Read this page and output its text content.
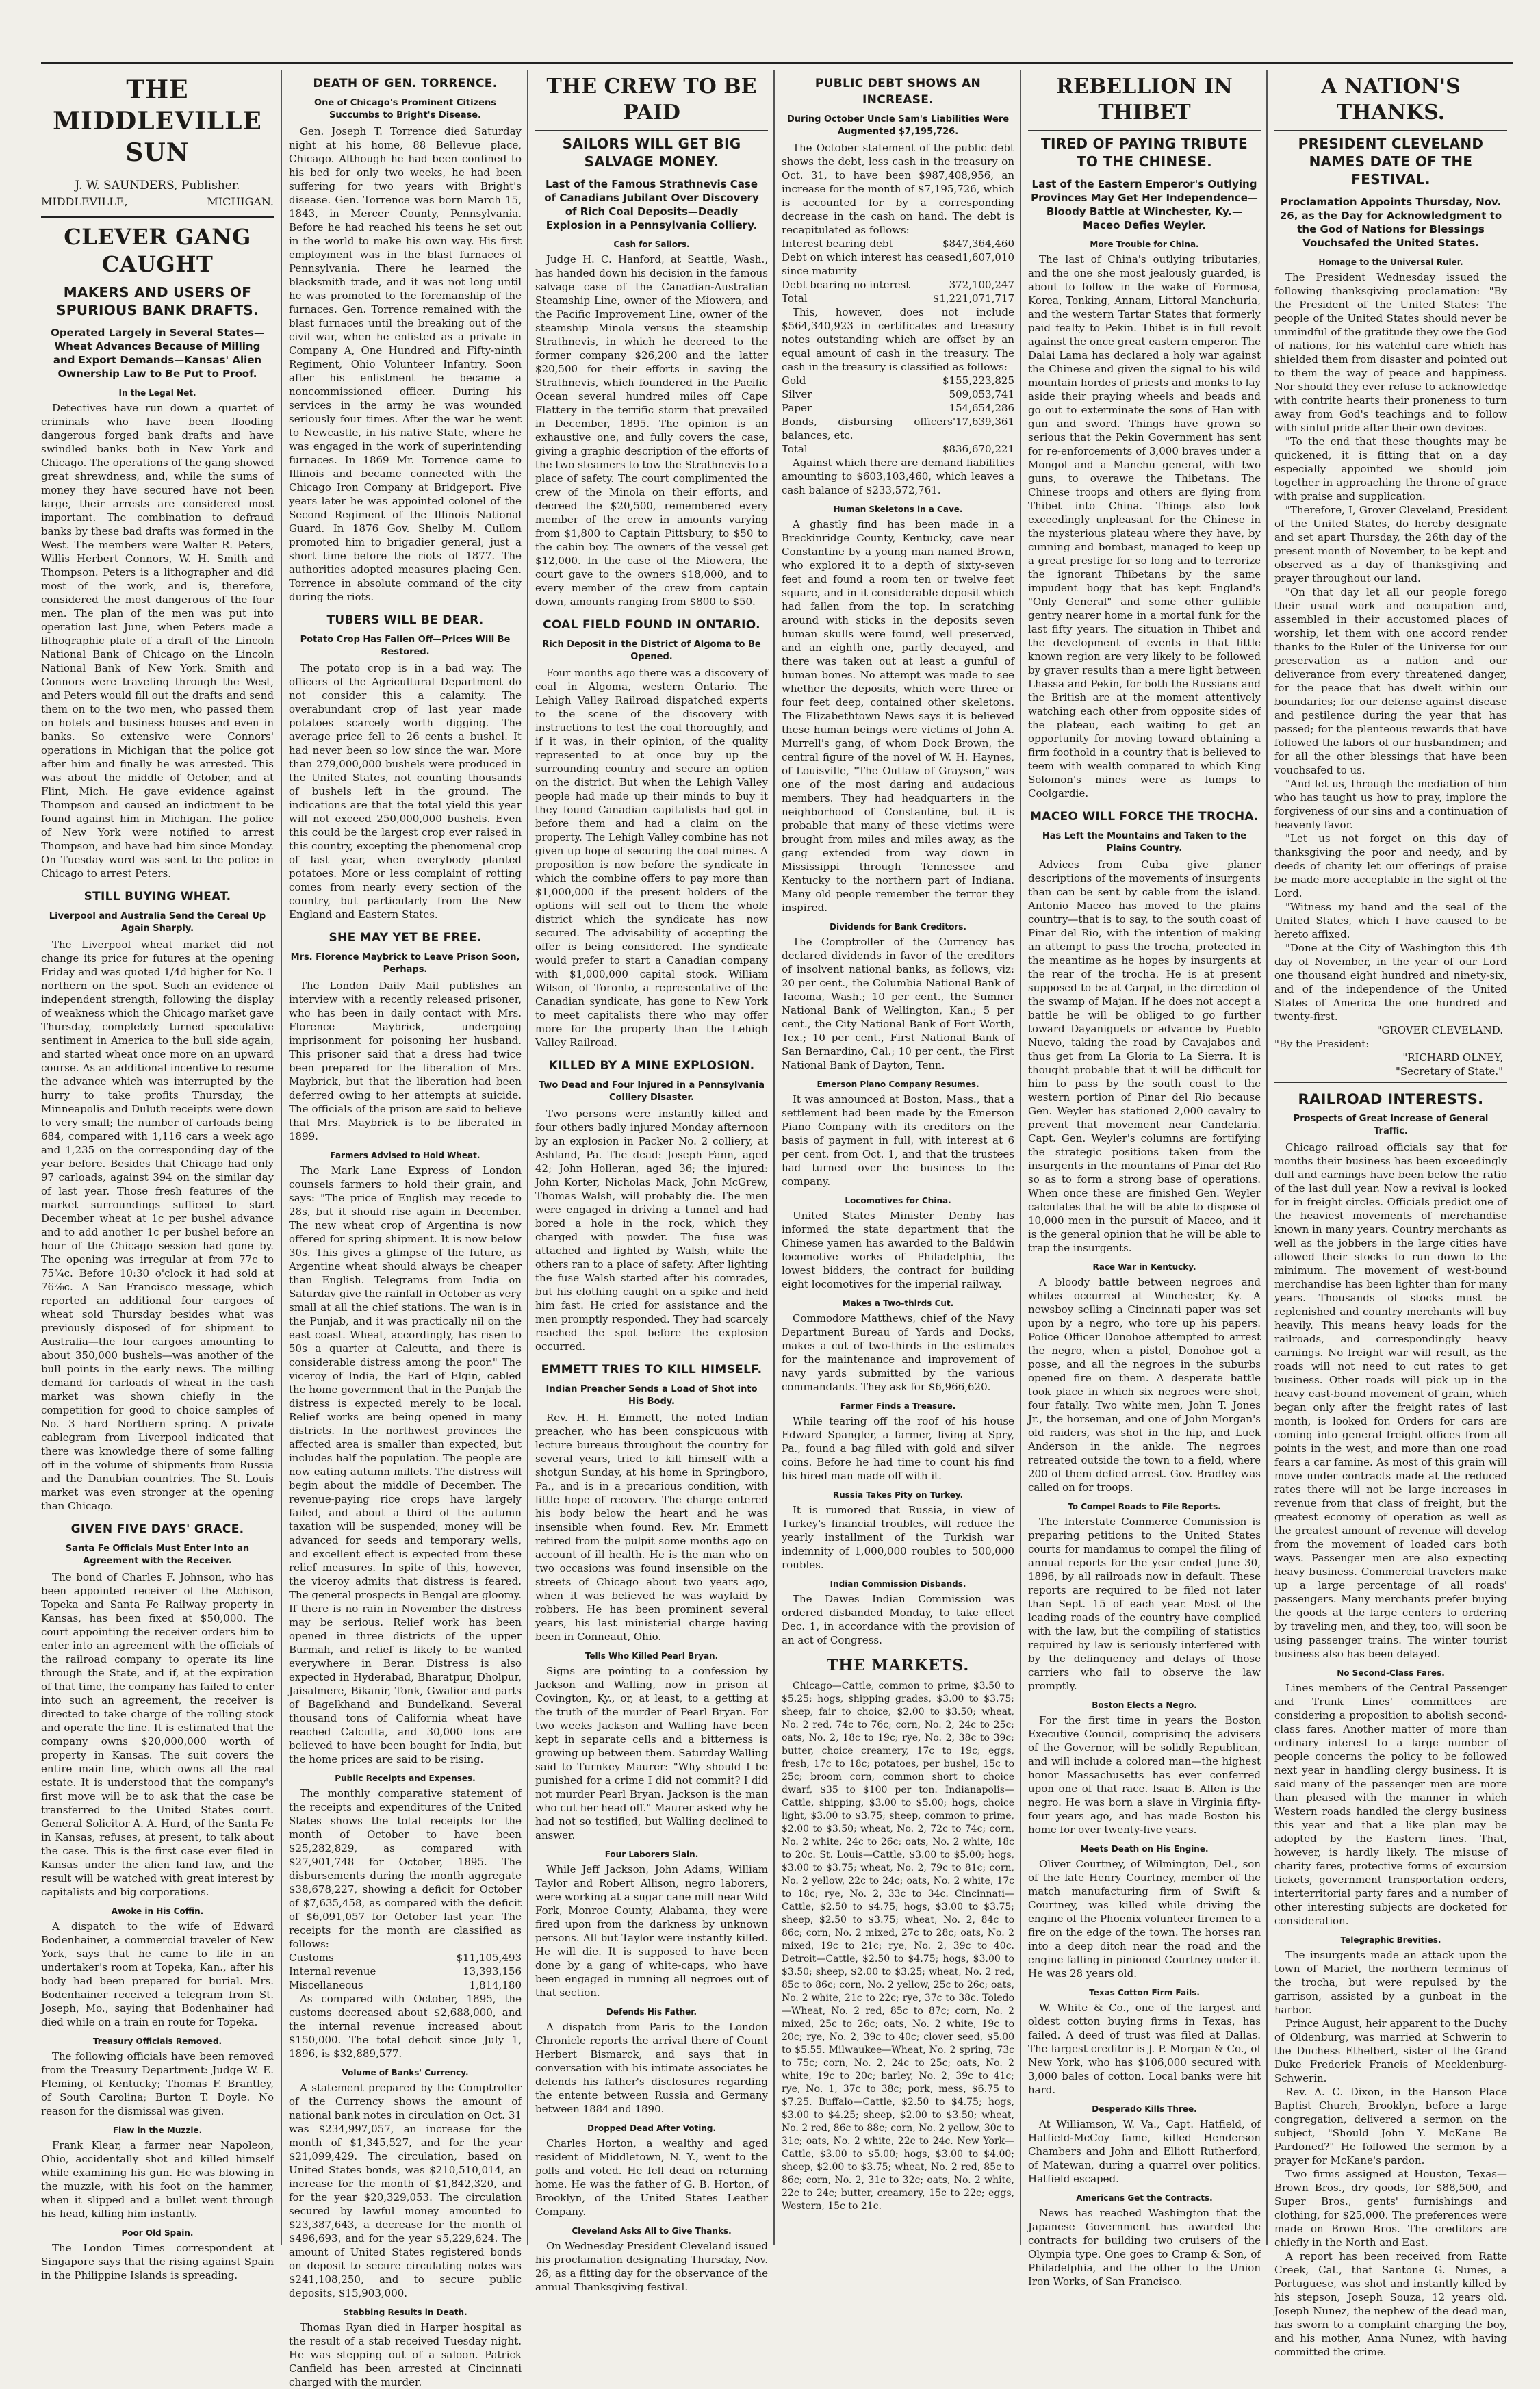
THE MIDDLEVILLE SUN
J. W. SAUNDERS, Publisher.
MIDDLEVILLE,	MICHIGAN.
CLEVER GANG CAUGHT
MAKERS AND USERS OF SPURIOUS BANK DRAFTS.
Operated Largely in Several States—Wheat Advances Because of Milling and Export Demands—Kansas' Alien Ownership Law to Be Put to Proof.
In the Legal Net.

Detectives have run down a quartet of criminals who have been flooding dangerous forged bank drafts and have swindled banks both in New York and Chicago. The operations of the gang showed great shrewdness, and, while the sums of money they have secured have not been large, their arrests are considered most important. The combination to defraud banks by these bad drafts was formed in the West. The members were Walter R. Peters, Willis Herbert Connors, W. H. Smith and Thompson. Peters is a lithographer and did most of the work, and is, therefore, considered the most dangerous of the four men. The plan of the men was put into operation last June, when Peters made a lithographic plate of a draft of the Lincoln National Bank of Chicago on the Lincoln National Bank of New York. Smith and Connors were traveling through the West, and Peters would fill out the drafts and send them on to the two men, who passed them on hotels and business houses and even in banks. So extensive were Connors' operations in Michigan that the police got after him and finally he was arrested. This was about the middle of October, and at Flint, Mich. He gave evidence against Thompson and caused an indictment to be found against him in Michigan. The police of New York were notified to arrest Thompson, and have had him since Monday. On Tuesday word was sent to the police in Chicago to arrest Peters.

STILL BUYING WHEAT.
Liverpool and Australia Send the Cereal Up Again Sharply.

The Liverpool wheat market did not change its price for futures at the opening Friday and was quoted 1/4d higher for No. 1 northern on the spot. Such an evidence of independent strength, following the display of weakness which the Chicago market gave Thursday, completely turned speculative sentiment in America to the bull side again, and started wheat once more on an upward course. As an additional incentive to resume the advance which was interrupted by the hurry to take profits Thursday, the Minneapolis and Duluth receipts were down to very small; the number of carloads being 684, compared with 1,116 cars a week ago and 1,235 on the corresponding day of the year before. Besides that Chicago had only 97 carloads, against 394 on the similar day of last year. Those fresh features of the market surroundings sufficed to start December wheat at 1c per bushel advance and to add another 1c per bushel before an hour of the Chicago session had gone by. The opening was irregular at from 77c to 75¾c. Before 10:30 o'clock it had sold at 76⅞c. A San Francisco message, which reported an additional four cargoes of wheat sold Thursday besides what was previously disposed of for shipment to Australia—the four cargoes amounting to about 350,000 bushels—was another of the bull points in the early news. The milling demand for carloads of wheat in the cash market was shown chiefly in the competition for good to choice samples of No. 3 hard Northern spring. A private cablegram from Liverpool indicated that there was knowledge there of some falling off in the volume of shipments from Russia and the Danubian countries. The St. Louis market was even stronger at the opening than Chicago.

GIVEN FIVE DAYS' GRACE.
Santa Fe Officials Must Enter Into an Agreement with the Receiver.

The bond of Charles F. Johnson, who has been appointed receiver of the Atchison, Topeka and Santa Fe Railway property in Kansas, has been fixed at $50,000. The court appointing the receiver orders him to enter into an agreement with the officials of the railroad company to operate its line through the State, and if, at the expiration of that time, the company has failed to enter into such an agreement, the receiver is directed to take charge of the rolling stock and operate the line. It is estimated that the company owns $20,000,000 worth of property in Kansas. The suit covers the entire main line, which owns all the real estate. It is understood that the company's first move will be to ask that the case be transferred to the United States court. General Solicitor A. A. Hurd, of the Santa Fe in Kansas, refuses, at present, to talk about the case. This is the first case ever filed in Kansas under the alien land law, and the result will be watched with great interest by capitalists and big corporations.

Awoke in His Coffin.

A dispatch to the wife of Edward Bodenhainer, a commercial traveler of New York, says that he came to life in an undertaker's room at Topeka, Kan., after his body had been prepared for burial. Mrs. Bodenhainer received a telegram from St. Joseph, Mo., saying that Bodenhainer had died while on a train en route for Topeka.

Treasury Officials Removed.

The following officials have been removed from the Treasury Department: Judge W. E. Fleming, of Kentucky; Thomas F. Brantley, of South Carolina; Burton T. Doyle. No reason for the dismissal was given.

Flaw in the Muzzle.

Frank Klear, a farmer near Napoleon, Ohio, accidentally shot and killed himself while examining his gun. He was blowing in the muzzle, with his foot on the hammer, when it slipped and a bullet went through his head, killing him instantly.

Poor Old Spain.

The London Times correspondent at Singapore says that the rising against Spain in the Philippine Islands is spreading.

DEATH OF GEN. TORRENCE.
One of Chicago's Prominent Citizens Succumbs to Bright's Disease.

Gen. Joseph T. Torrence died Saturday night at his home, 88 Bellevue place, Chicago. Although he had been confined to his bed for only two weeks, he had been suffering for two years with Bright's disease. Gen. Torrence was born March 15, 1843, in Mercer County, Pennsylvania. Before he had reached his teens he set out in the world to make his own way. His first employment was in the blast furnaces of Pennsylvania. There he learned the blacksmith trade, and it was not long until he was promoted to the foremanship of the furnaces. Gen. Torrence remained with the blast furnaces until the breaking out of the civil war, when he enlisted as a private in Company A, One Hundred and Fifty-ninth Regiment, Ohio Volunteer Infantry. Soon after his enlistment he became a noncommissioned officer. During his services in the army he was wounded seriously four times. After the war he went to Newcastle, in his native State, where he was engaged in the work of superintending furnaces. In 1869 Mr. Torrence came to Illinois and became connected with the Chicago Iron Company at Bridgeport. Five years later he was appointed colonel of the Second Regiment of the Illinois National Guard. In 1876 Gov. Shelby M. Cullom promoted him to brigadier general, just a short time before the riots of 1877. The authorities adopted measures placing Gen. Torrence in absolute command of the city during the riots.

TUBERS WILL BE DEAR.
Potato Crop Has Fallen Off—Prices Will Be Restored.

The potato crop is in a bad way. The officers of the Agricultural Department do not consider this a calamity. The overabundant crop of last year made potatoes scarcely worth digging. The average price fell to 26 cents a bushel. It had never been so low since the war. More than 279,000,000 bushels were produced in the United States, not counting thousands of bushels left in the ground. The indications are that the total yield this year will not exceed 250,000,000 bushels. Even this could be the largest crop ever raised in this country, excepting the phenomenal crop of last year, when everybody planted potatoes. More or less complaint of rotting comes from nearly every section of the country, but particularly from the New England and Eastern States.

SHE MAY YET BE FREE.
Mrs. Florence Maybrick to Leave Prison Soon, Perhaps.

The London Daily Mail publishes an interview with a recently released prisoner, who has been in daily contact with Mrs. Florence Maybrick, undergoing imprisonment for poisoning her husband. This prisoner said that a dress had twice been prepared for the liberation of Mrs. Maybrick, but that the liberation had been deferred owing to her attempts at suicide. The officials of the prison are said to believe that Mrs. Maybrick is to be liberated in 1899.

Farmers Advised to Hold Wheat.

The Mark Lane Express of London counsels farmers to hold their grain, and says: "The price of English may recede to 28s, but it should rise again in December. The new wheat crop of Argentina is now offered for spring shipment. It is now below 30s. This gives a glimpse of the future, as Argentine wheat should always be cheaper than English. Telegrams from India on Saturday give the rainfall in October as very small at all the chief stations. The wan is in the Punjab, and it was practically nil on the east coast. Wheat, accordingly, has risen to 50s a quarter at Calcutta, and there is considerable distress among the poor." The viceroy of India, the Earl of Elgin, cabled the home government that in the Punjab the distress is expected merely to be local. Relief works are being opened in many districts. In the northwest provinces the affected area is smaller than expected, but includes half the population. The people are now eating autumn millets. The distress will begin about the middle of December. The revenue-paying rice crops have largely failed, and about a third of the autumn taxation will be suspended; money will be advanced for seeds and temporary wells, and excellent effect is expected from these relief measures. In spite of this, however, the viceroy admits that distress is feared. The general prospects in Bengal are gloomy. If there is no rain in November the distress may be serious. Relief work has been opened in three districts of the upper Burmah, and relief is likely to be wanted everywhere in Berar. Distress is also expected in Hyderabad, Bharatpur, Dholpur, Jaisalmere, Bikanir, Tonk, Gwalior and parts of Bagelkhand and Bundelkand. Several thousand tons of California wheat have reached Calcutta, and 30,000 tons are believed to have been bought for India, but the home prices are said to be rising.

Public Receipts and Expenses.

The monthly comparative statement of the receipts and expenditures of the United States shows the total receipts for the month of October to have been $25,282,829, as compared with $27,901,748 for October, 1895. The disbursements during the month aggregate $38,678,227, showing a deficit for October of $7,635,458, as compared with the deficit of $6,091,057 for October last year. The receipts for the month are classified as follows:

Customs	$11,105,493
Internal revenue	13,393,156
Miscellaneous	1,814,180

As compared with October, 1895, the customs decreased about $2,688,000, and the internal revenue increased about $150,000. The total deficit since July 1, 1896, is $32,889,577.

Volume of Banks' Currency.

A statement prepared by the Comptroller of the Currency shows the amount of national bank notes in circulation on Oct. 31 was $234,997,057, an increase for the month of $1,345,527, and for the year $21,099,429. The circulation, based on United States bonds, was $210,510,014, an increase for the month of $1,842,320, and for the year $20,329,053. The circulation secured by lawful money amounted to $23,387,643, a decrease for the month of $496,693, and for the year $5,229,624. The amount of United States registered bonds on deposit to secure circulating notes was $241,108,250, and to secure public deposits, $15,903,000.

Stabbing Results in Death.

Thomas Ryan died in Harper hospital as the result of a stab received Tuesday night. He was stepping out of a saloon. Patrick Canfield has been arrested at Cincinnati charged with the murder.

THE CREW TO BE PAID
SAILORS WILL GET BIG SALVAGE MONEY.
Last of the Famous Strathnevis Case of Canadians Jubilant Over Discovery of Rich Coal Deposits—Deadly Explosion in a Pennsylvania Colliery.
Cash for Sailors.

Judge H. C. Hanford, at Seattle, Wash., has handed down his decision in the famous salvage case of the Canadian-Australian Steamship Line, owner of the Miowera, and the Pacific Improvement Line, owner of the steamship Minola versus the steamship Strathnevis, in which he decreed to the former company $26,200 and the latter $20,500 for their efforts in saving the Strathnevis, which foundered in the Pacific Ocean several hundred miles off Cape Flattery in the terrific storm that prevailed in December, 1895. The opinion is an exhaustive one, and fully covers the case, giving a graphic description of the efforts of the two steamers to tow the Strathnevis to a place of safety. The court complimented the crew of the Minola on their efforts, and decreed the $20,500, remembered every member of the crew in amounts varying from $1,800 to Captain Pittsbury, to $50 to the cabin boy. The owners of the vessel get $12,000. In the case of the Miowera, the court gave to the owners $18,000, and to every member of the crew from captain down, amounts ranging from $800 to $50.

COAL FIELD FOUND IN ONTARIO.
Rich Deposit in the District of Algoma to Be Opened.

Four months ago there was a discovery of coal in Algoma, western Ontario. The Lehigh Valley Railroad dispatched experts to the scene of the discovery with instructions to test the coal thoroughly, and if it was, in their opinion, of the quality represented to at once buy up the surrounding country and secure an option on the district. But when the Lehigh Valley people had made up their minds to buy it they found Canadian capitalists had got in before them and had a claim on the property. The Lehigh Valley combine has not given up hope of securing the coal mines. A proposition is now before the syndicate in which the combine offers to pay more than $1,000,000 if the present holders of the options will sell out to them the whole district which the syndicate has now secured. The advisability of accepting the offer is being considered. The syndicate would prefer to start a Canadian company with $1,000,000 capital stock. William Wilson, of Toronto, a representative of the Canadian syndicate, has gone to New York to meet capitalists there who may offer more for the property than the Lehigh Valley Railroad.

KILLED BY A MINE EXPLOSION.
Two Dead and Four Injured in a Pennsylvania Colliery Disaster.

Two persons were instantly killed and four others badly injured Monday afternoon by an explosion in Packer No. 2 colliery, at Ashland, Pa. The dead: Joseph Fann, aged 42; John Holleran, aged 36; the injured: John Korter, Nicholas Mack, John McGrew, Thomas Walsh, will probably die. The men were engaged in driving a tunnel and had bored a hole in the rock, which they charged with powder. The fuse was attached and lighted by Walsh, while the others ran to a place of safety. After lighting the fuse Walsh started after his comrades, but his clothing caught on a spike and held him fast. He cried for assistance and the men promptly responded. They had scarcely reached the spot before the explosion occurred.

EMMETT TRIES TO KILL HIMSELF.
Indian Preacher Sends a Load of Shot into His Body.

Rev. H. H. Emmett, the noted Indian preacher, who has been conspicuous with lecture bureaus throughout the country for several years, tried to kill himself with a shotgun Sunday, at his home in Springboro, Pa., and is in a precarious condition, with little hope of recovery. The charge entered his body below the heart and he was insensible when found. Rev. Mr. Emmett retired from the pulpit some months ago on account of ill health. He is the man who on two occasions was found insensible on the streets of Chicago about two years ago, when it was believed he was waylaid by robbers. He has been prominent several years, his last ministerial charge having been in Conneaut, Ohio.

Tells Who Killed Pearl Bryan.

Signs are pointing to a confession by Jackson and Walling, now in prison at Covington, Ky., or, at least, to a getting at the truth of the murder of Pearl Bryan. For two weeks Jackson and Walling have been kept in separate cells and a bitterness is growing up between them. Saturday Walling said to Turnkey Maurer: "Why should I be punished for a crime I did not commit? I did not murder Pearl Bryan. Jackson is the man who cut her head off." Maurer asked why he had not so testified, but Walling declined to answer.

Four Laborers Slain.

While Jeff Jackson, John Adams, William Taylor and Robert Allison, negro laborers, were working at a sugar cane mill near Wild Fork, Monroe County, Alabama, they were fired upon from the darkness by unknown persons. All but Taylor were instantly killed. He will die. It is supposed to have been done by a gang of white-caps, who have been engaged in running all negroes out of that section.

Defends His Father.

A dispatch from Paris to the London Chronicle reports the arrival there of Count Herbert Bismarck, and says that in conversation with his intimate associates he defends his father's disclosures regarding the entente between Russia and Germany between 1884 and 1890.

Dropped Dead After Voting.

Charles Horton, a wealthy and aged resident of Middletown, N. Y., went to the polls and voted. He fell dead on returning home. He was the father of G. B. Horton, of Brooklyn, of the United States Leather Company.

Cleveland Asks All to Give Thanks.

On Wednesday President Cleveland issued his proclamation designating Thursday, Nov. 26, as a fitting day for the observance of the annual Thanksgiving festival.

PUBLIC DEBT SHOWS AN INCREASE.
During October Uncle Sam's Liabilities Were Augmented $7,195,726.

The October statement of the public debt shows the debt, less cash in the treasury on Oct. 31, to have been $987,408,956, an increase for the month of $7,195,726, which is accounted for by a corresponding decrease in the cash on hand. The debt is recapitulated as follows:

Interest bearing debt	$847,364,460
Debt on which interest has ceased since maturity
1,607,010
Debt bearing no interest	372,100,247
Total	$1,221,071,717

This, however, does not include $564,340,923 in certificates and treasury notes outstanding which are offset by an equal amount of cash in the treasury. The cash in the treasury is classified as follows:

Gold	$155,223,825
Silver	509,053,741
Paper	154,654,286
Bonds, disbursing officers' balances, etc.
17,639,361
Total	$836,670,221

Against which there are demand liabilities amounting to $603,103,460, which leaves a cash balance of $233,572,761.

Human Skeletons in a Cave.

A ghastly find has been made in a Breckinridge County, Kentucky, cave near Constantine by a young man named Brown, who explored it to a depth of sixty-seven feet and found a room ten or twelve feet square, and in it considerable deposit which had fallen from the top. In scratching around with sticks in the deposits seven human skulls were found, well preserved, and an eighth one, partly decayed, and there was taken out at least a gunful of human bones. No attempt was made to see whether the deposits, which were three or four feet deep, contained other skeletons. The Elizabethtown News says it is believed these human beings were victims of John A. Murrell's gang, of whom Dock Brown, the central figure of the novel of W. H. Haynes, of Louisville, "The Outlaw of Grayson," was one of the most daring and audacious members. They had headquarters in the neighborhood of Constantine, but it is probable that many of these victims were brought from miles and miles away, as the gang extended from way down in Mississippi through Tennessee and Kentucky to the northern part of Indiana. Many old people remember the terror they inspired.

Dividends for Bank Creditors.

The Comptroller of the Currency has declared dividends in favor of the creditors of insolvent national banks, as follows, viz: 20 per cent., the Columbia National Bank of Tacoma, Wash.; 10 per cent., the Sumner National Bank of Wellington, Kan.; 5 per cent., the City National Bank of Fort Worth, Tex.; 10 per cent., First National Bank of San Bernardino, Cal.; 10 per cent., the First National Bank of Dayton, Tenn.

Emerson Piano Company Resumes.

It was announced at Boston, Mass., that a settlement had been made by the Emerson Piano Company with its creditors on the basis of payment in full, with interest at 6 per cent. from Oct. 1, and that the trustees had turned over the business to the company.

Locomotives for China.

United States Minister Denby has informed the state department that the Chinese yamen has awarded to the Baldwin locomotive works of Philadelphia, the lowest bidders, the contract for building eight locomotives for the imperial railway.

Makes a Two-thirds Cut.

Commodore Matthews, chief of the Navy Department Bureau of Yards and Docks, makes a cut of two-thirds in the estimates for the maintenance and improvement of navy yards submitted by the various commandants. They ask for $6,966,620.

Farmer Finds a Treasure.

While tearing off the roof of his house Edward Spangler, a farmer, living at Spry, Pa., found a bag filled with gold and silver coins. Before he had time to count his find his hired man made off with it.

Russia Takes Pity on Turkey.

It is rumored that Russia, in view of Turkey's financial troubles, will reduce the yearly installment of the Turkish war indemnity of 1,000,000 roubles to 500,000 roubles.

Indian Commission Disbands.

The Dawes Indian Commission was ordered disbanded Monday, to take effect Dec. 1, in accordance with the provision of an act of Congress.

THE MARKETS.

Chicago—Cattle, common to prime, $3.50 to $5.25; hogs, shipping grades, $3.00 to $3.75; sheep, fair to choice, $2.00 to $3.50; wheat, No. 2 red, 74c to 76c; corn, No. 2, 24c to 25c; oats, No. 2, 18c to 19c; rye, No. 2, 38c to 39c; butter, choice creamery, 17c to 19c; eggs, fresh, 17c to 18c; potatoes, per bushel, 15c to 25c; broom corn, common short to choice dwarf, $35 to $100 per ton. Indianapolis—Cattle, shipping, $3.00 to $5.00; hogs, choice light, $3.00 to $3.75; sheep, common to prime, $2.00 to $3.50; wheat, No. 2, 72c to 74c; corn, No. 2 white, 24c to 26c; oats, No. 2 white, 18c to 20c. St. Louis—Cattle, $3.00 to $5.00; hogs, $3.00 to $3.75; wheat, No. 2, 79c to 81c; corn, No. 2 yellow, 22c to 24c; oats, No. 2 white, 17c to 18c; rye, No. 2, 33c to 34c. Cincinnati—Cattle, $2.50 to $4.75; hogs, $3.00 to $3.75; sheep, $2.50 to $3.75; wheat, No. 2, 84c to 86c; corn, No. 2 mixed, 27c to 28c; oats, No. 2 mixed, 19c to 21c; rye, No. 2, 39c to 40c. Detroit—Cattle, $2.50 to $4.75; hogs, $3.00 to $3.50; sheep, $2.00 to $3.25; wheat, No. 2 red, 85c to 86c; corn, No. 2 yellow, 25c to 26c; oats, No. 2 white, 21c to 22c; rye, 37c to 38c. Toledo—Wheat, No. 2 red, 85c to 87c; corn, No. 2 mixed, 25c to 26c; oats, No. 2 white, 19c to 20c; rye, No. 2, 39c to 40c; clover seed, $5.00 to $5.55. Milwaukee—Wheat, No. 2 spring, 73c to 75c; corn, No. 2, 24c to 25c; oats, No. 2 white, 19c to 20c; barley, No. 2, 39c to 41c; rye, No. 1, 37c to 38c; pork, mess, $6.75 to $7.25. Buffalo—Cattle, $2.50 to $4.75; hogs, $3.00 to $4.25; sheep, $2.00 to $3.50; wheat, No. 2 red, 86c to 88c; corn, No. 2 yellow, 30c to 31c; oats, No. 2 white, 22c to 24c. New York—Cattle, $3.00 to $5.00; hogs, $3.00 to $4.00; sheep, $2.00 to $3.75; wheat, No. 2 red, 85c to 86c; corn, No. 2, 31c to 32c; oats, No. 2 white, 22c to 24c; butter, creamery, 15c to 22c; eggs, Western, 15c to 21c.

REBELLION IN THIBET
TIRED OF PAYING TRIBUTE TO THE CHINESE.
Last of the Eastern Emperor's Outlying Provinces May Get Her Independence—Bloody Battle at Winchester, Ky.—Maceo Defies Weyler.
More Trouble for China.

The last of China's outlying tributaries, and the one she most jealously guarded, is about to follow in the wake of Formosa, Korea, Tonking, Annam, Littoral Manchuria, and the western Tartar States that formerly paid fealty to Pekin. Thibet is in full revolt against the once great eastern emperor. The Dalai Lama has declared a holy war against the Chinese and given the signal to his wild mountain hordes of priests and monks to lay aside their praying wheels and beads and go out to exterminate the sons of Han with gun and sword. Things have grown so serious that the Pekin Government has sent for re-enforcements of 3,000 braves under a Mongol and a Manchu general, with two guns, to overawe the Thibetans. The Chinese troops and others are flying from Thibet into China. Things also look exceedingly unpleasant for the Chinese in the mysterious plateau where they have, by cunning and bombast, managed to keep up a great prestige for so long and to terrorize the ignorant Thibetans by the same impudent bogy that has kept England's "Only General" and some other gullible gentry nearer home in a mortal funk for the last fifty years. The situation in Thibet and the development of events in that little known region are very likely to be followed by graver results than a mere light between Lhassa and Pekin, for both the Russians and the British are at the moment attentively watching each other from opposite sides of the plateau, each waiting to get an opportunity for moving toward obtaining a firm foothold in a country that is believed to teem with wealth compared to which King Solomon's mines were as lumps to Coolgardie.

MACEO WILL FORCE THE TROCHA.
Has Left the Mountains and Taken to the Plains Country.

Advices from Cuba give planer descriptions of the movements of insurgents than can be sent by cable from the island. Antonio Maceo has moved to the plains country—that is to say, to the south coast of Pinar del Rio, with the intention of making an attempt to pass the trocha, protected in the meantime as he hopes by insurgents at the rear of the trocha. He is at present supposed to be at Carpal, in the direction of the swamp of Majan. If he does not accept a battle he will be obliged to go further toward Dayaniguets or advance by Pueblo Nuevo, taking the road by Cavajabos and thus get from La Gloria to La Sierra. It is thought probable that it will be difficult for him to pass by the south coast to the western portion of Pinar del Rio because Gen. Weyler has stationed 2,000 cavalry to prevent that movement near Candelaria. Capt. Gen. Weyler's columns are fortifying the strategic positions taken from the insurgents in the mountains of Pinar del Rio so as to form a strong base of operations. When once these are finished Gen. Weyler calculates that he will be able to dispose of 10,000 men in the pursuit of Maceo, and it is the general opinion that he will be able to trap the insurgents.

Race War in Kentucky.

A bloody battle between negroes and whites occurred at Winchester, Ky. A newsboy selling a Cincinnati paper was set upon by a negro, who tore up his papers. Police Officer Donohoe attempted to arrest the negro, when a pistol, Donohoe got a posse, and all the negroes in the suburbs opened fire on them. A desperate battle took place in which six negroes were shot, four fatally. Two white men, John T. Jones Jr., the horseman, and one of John Morgan's old raiders, was shot in the hip, and Luck Anderson in the ankle. The negroes retreated outside the town to a field, where 200 of them defied arrest. Gov. Bradley was called on for troops.

To Compel Roads to File Reports.

The Interstate Commerce Commission is preparing petitions to the United States courts for mandamus to compel the filing of annual reports for the year ended June 30, 1896, by all railroads now in default. These reports are required to be filed not later than Sept. 15 of each year. Most of the leading roads of the country have complied with the law, but the compiling of statistics required by law is seriously interfered with by the delinquency and delays of those carriers who fail to observe the law promptly.

Boston Elects a Negro.

For the first time in years the Boston Executive Council, comprising the advisers of the Governor, will be solidly Republican, and will include a colored man—the highest honor Massachusetts has ever conferred upon one of that race. Isaac B. Allen is the negro. He was born a slave in Virginia fifty-four years ago, and has made Boston his home for over twenty-five years.

Meets Death on His Engine.

Oliver Courtney, of Wilmington, Del., son of the late Henry Courtney, member of the match manufacturing firm of Swift & Courtney, was killed while driving the engine of the Phoenix volunteer firemen to a fire on the edge of the town. The horses ran into a deep ditch near the road and the engine falling in pinioned Courtney under it. He was 28 years old.

Texas Cotton Firm Fails.

W. White & Co., one of the largest and oldest cotton buying firms in Texas, has failed. A deed of trust was filed at Dallas. The largest creditor is J. P. Morgan & Co., of New York, who has $106,000 secured with 3,000 bales of cotton. Local banks were hit hard.

Desperado Kills Three.

At Williamson, W. Va., Capt. Hatfield, of Hatfield-McCoy fame, killed Henderson Chambers and John and Elliott Rutherford, of Matewan, during a quarrel over politics. Hatfield escaped.

Americans Get the Contracts.

News has reached Washington that the Japanese Government has awarded the contracts for building two cruisers of the Olympia type. One goes to Cramp & Son, of Philadelphia, and the other to the Union Iron Works, of San Francisco.

A NATION'S THANKS.
PRESIDENT CLEVELAND NAMES DATE OF THE FESTIVAL.
Proclamation Appoints Thursday, Nov. 26, as the Day for Acknowledgment to the God of Nations for Blessings Vouchsafed the United States.
Homage to the Universal Ruler.

The President Wednesday issued the following thanksgiving proclamation: "By the President of the United States: The people of the United States should never be unmindful of the gratitude they owe the God of nations, for his watchful care which has shielded them from disaster and pointed out to them the way of peace and happiness. Nor should they ever refuse to acknowledge with contrite hearts their proneness to turn away from God's teachings and to follow with sinful pride after their own devices.

"To the end that these thoughts may be quickened, it is fitting that on a day especially appointed we should join together in approaching the throne of grace with praise and supplication.

"Therefore, I, Grover Cleveland, President of the United States, do hereby designate and set apart Thursday, the 26th day of the present month of November, to be kept and observed as a day of thanksgiving and prayer throughout our land.

"On that day let all our people forego their usual work and occupation and, assembled in their accustomed places of worship, let them with one accord render thanks to the Ruler of the Universe for our preservation as a nation and our deliverance from every threatened danger, for the peace that has dwelt within our boundaries; for our defense against disease and pestilence during the year that has passed; for the plenteous rewards that have followed the labors of our husbandmen; and for all the other blessings that have been vouchsafed to us.

"And let us, through the mediation of him who has taught us how to pray, implore the forgiveness of our sins and a continuation of heavenly favor.

"Let us not forget on this day of thanksgiving the poor and needy, and by deeds of charity let our offerings of praise be made more acceptable in the sight of the Lord.

"Witness my hand and the seal of the United States, which I have caused to be hereto affixed.

"Done at the City of Washington this 4th day of November, in the year of our Lord one thousand eight hundred and ninety-six, and of the independence of the United States of America the one hundred and twenty-first.

"GROVER CLEVELAND.
"By the President:
"RICHARD OLNEY,
"Secretary of State."
RAILROAD INTERESTS.
Prospects of Great Increase of General Traffic.

Chicago railroad officials say that for months their business has been exceedingly dull and earnings have been below the ratio of the last dull year. Now a revival is looked for in freight circles. Officials predict one of the heaviest movements of merchandise known in many years. Country merchants as well as the jobbers in the large cities have allowed their stocks to run down to the minimum. The movement of west-bound merchandise has been lighter than for many years. Thousands of stocks must be replenished and country merchants will buy heavily. This means heavy loads for the railroads, and correspondingly heavy earnings. No freight war will result, as the roads will not need to cut rates to get business. Other roads will pick up in the heavy east-bound movement of grain, which began only after the freight rates of last month, is looked for. Orders for cars are coming into general freight offices from all points in the west, and more than one road fears a car famine. As most of this grain will move under contracts made at the reduced rates there will not be large increases in revenue from that class of freight, but the greatest economy of operation as well as the greatest amount of revenue will develop from the movement of loaded cars both ways. Passenger men are also expecting heavy business. Commercial travelers make up a large percentage of all roads' passengers. Many merchants prefer buying the goods at the large centers to ordering by traveling men, and they, too, will soon be using passenger trains. The winter tourist business also has been delayed.

No Second-Class Fares.

Lines members of the Central Passenger and Trunk Lines' committees are considering a proposition to abolish second-class fares. Another matter of more than ordinary interest to a large number of people concerns the policy to be followed next year in handling clergy business. It is said many of the passenger men are more than pleased with the manner in which Western roads handled the clergy business this year and that a like plan may be adopted by the Eastern lines. That, however, is hardly likely. The misuse of charity fares, protective forms of excursion tickets, government transportation orders, interterritorial party fares and a number of other interesting subjects are docketed for consideration.

Telegraphic Brevities.

The insurgents made an attack upon the town of Mariet, the northern terminus of the trocha, but were repulsed by the garrison, assisted by a gunboat in the harbor.

Prince August, heir apparent to the Duchy of Oldenburg, was married at Schwerin to the Duchess Ethelbert, sister of the Grand Duke Frederick Francis of Mecklenburg-Schwerin.

Rev. A. C. Dixon, in the Hanson Place Baptist Church, Brooklyn, before a large congregation, delivered a sermon on the subject, "Should John Y. McKane Be Pardoned?" He followed the sermon by a prayer for McKane's pardon.

Two firms assigned at Houston, Texas—Brown Bros., dry goods, for $88,500, and Super Bros., gents' furnishings and clothing, for $25,000. The preferences were made on Brown Bros. The creditors are chiefly in the North and East.

A report has been received from Ratte Creek, Cal., that Santone G. Nunes, a Portuguese, was shot and instantly killed by his stepson, Joseph Souza, 12 years old. Joseph Nunez, the nephew of the dead man, has sworn to a complaint charging the boy, and his mother, Anna Nunez, with having committed the crime.
